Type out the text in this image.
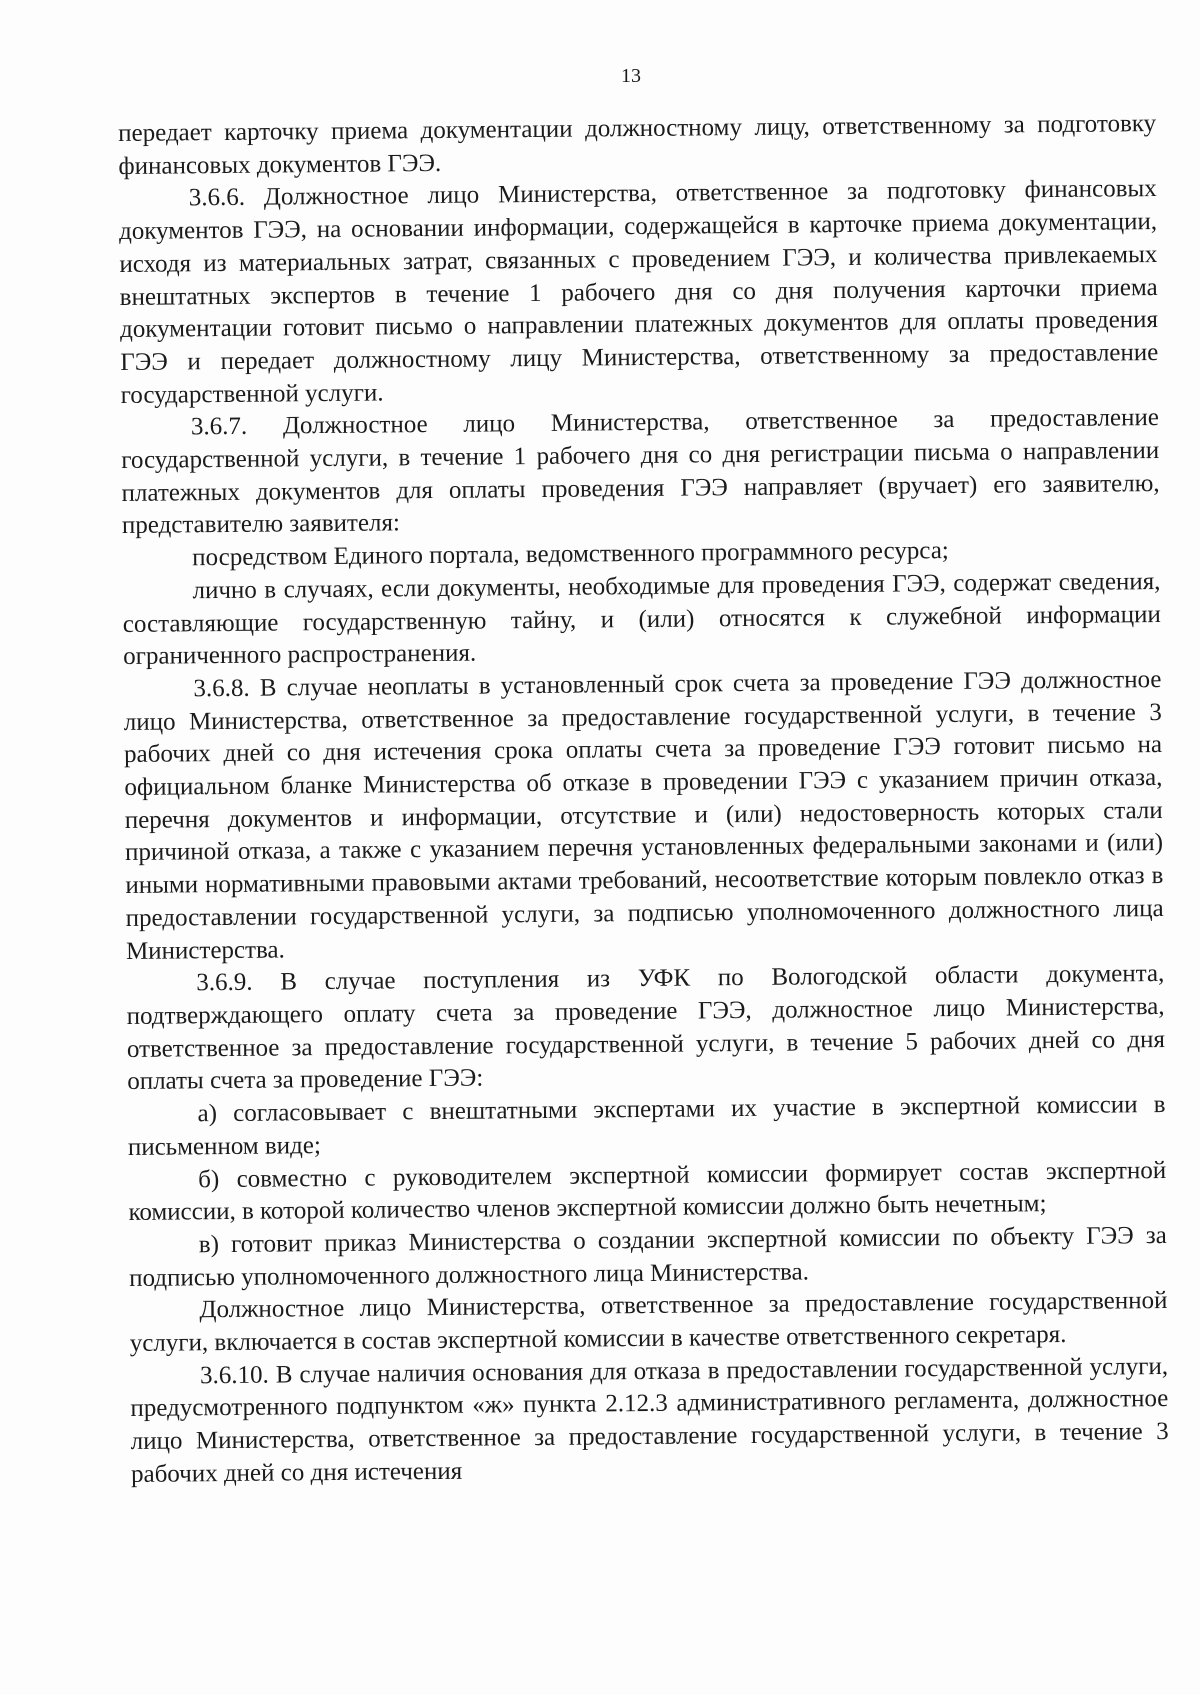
13

передает карточку приема документации должностному лицу, ответственному за подготовку финансовых документов ГЭЭ.

3.6.6. Должностное лицо Министерства, ответственное за подготовку финансовых документов ГЭЭ, на основании информации, содержащейся в карточке приема документации, исходя из материальных затрат, связанных с проведением ГЭЭ, и количества привлекаемых внештатных экспертов в течение 1 рабочего дня со дня получения карточки приема документации готовит письмо о направлении платежных документов для оплаты проведения ГЭЭ и передает должностному лицу Министерства, ответственному за предоставление государственной услуги.

3.6.7. Должностное лицо Министерства, ответственное за предоставление государственной услуги, в течение 1 рабочего дня со дня регистрации письма о направлении платежных документов для оплаты проведения ГЭЭ направляет (вручает) его заявителю, представителю заявителя:

посредством Единого портала, ведомственного программного ресурса;

лично в случаях, если документы, необходимые для проведения ГЭЭ, содержат сведения, составляющие государственную тайну, и (или) относятся к служебной информации ограниченного распространения.

3.6.8. В случае неоплаты в установленный срок счета за проведение ГЭЭ должностное лицо Министерства, ответственное за предоставление государственной услуги, в течение 3 рабочих дней со дня истечения срока оплаты счета за проведение ГЭЭ готовит письмо на официальном бланке Министерства об отказе в проведении ГЭЭ с указанием причин отказа, перечня документов и информации, отсутствие и (или) недостоверность которых стали причиной отказа, а также с указанием перечня установленных федеральными законами и (или) иными нормативными правовыми актами требований, несоответствие которым повлекло отказ в предоставлении государственной услуги, за подписью уполномоченного должностного лица Министерства.

3.6.9. В случае поступления из УФК по Вологодской области документа, подтверждающего оплату счета за проведение ГЭЭ, должностное лицо Министерства, ответственное за предоставление государственной услуги, в течение 5 рабочих дней со дня оплаты счета за проведение ГЭЭ:

а) согласовывает с внештатными экспертами их участие в экспертной комиссии в письменном виде;

б) совместно с руководителем экспертной комиссии формирует состав экспертной комиссии, в которой количество членов экспертной комиссии должно быть нечетным;

в) готовит приказ Министерства о создании экспертной комиссии по объекту ГЭЭ за подписью уполномоченного должностного лица Министерства.

Должностное лицо Министерства, ответственное за предоставление государственной услуги, включается в состав экспертной комиссии в качестве ответственного секретаря.

3.6.10. В случае наличия основания для отказа в предоставлении государственной услуги, предусмотренного подпунктом «ж» пункта 2.12.3 административного регламента, должностное лицо Министерства, ответственное за предоставление государственной услуги, в течение 3 рабочих дней со дня истечения
